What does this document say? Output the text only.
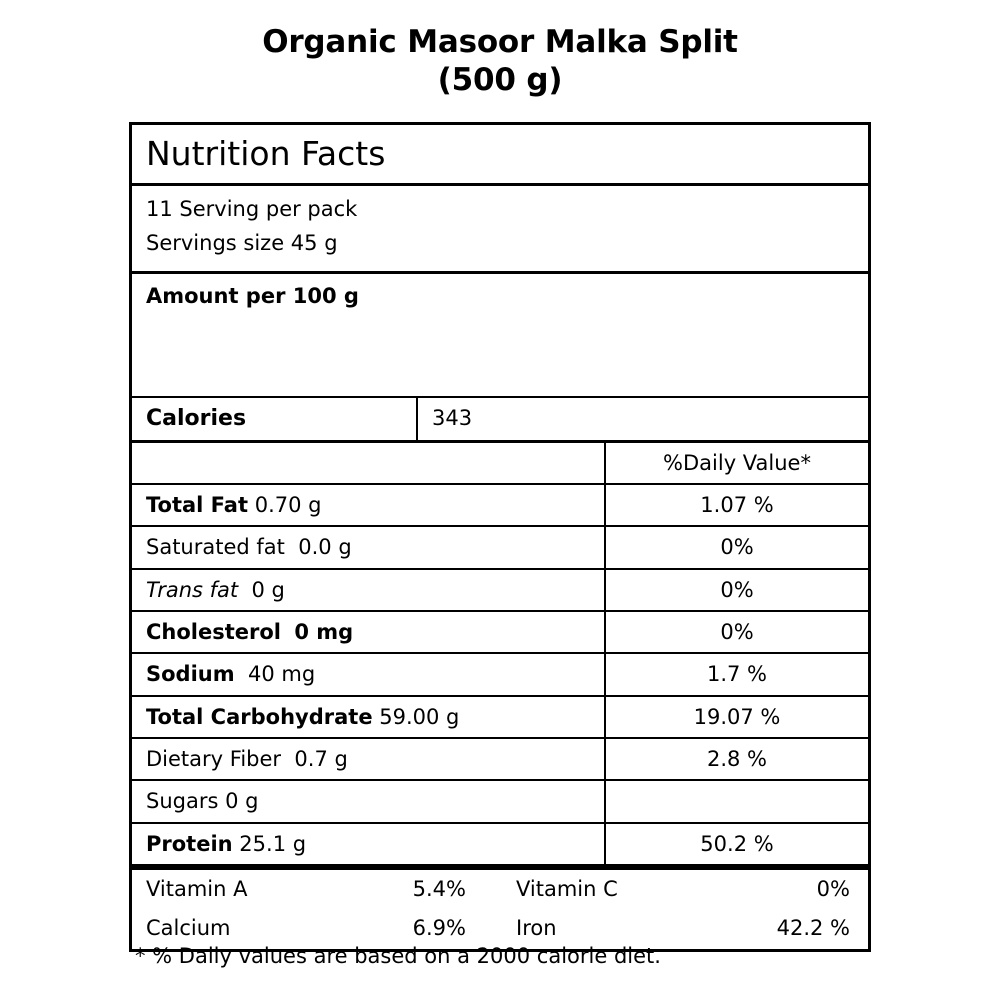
Organic Masoor Malka Split
(500 g)
Nutrition Facts
11 Serving per pack
Servings size 45 g
Amount per 100 g
Calories	343

%Daily Value*
Total Fat 0.70 g	1.07 %
Saturated fat 0.0 g	0%
Trans fat 0 g	0%
Cholesterol 0 mg	0%
Sodium 40 mg	1.7 %
Total Carbohydrate 59.00 g	19.07 %
Dietary Fiber 0.7 g	2.8 %
Sugars 0 g
Protein 25.1 g	50.2 %
Vitamin A	5.4%	Vitamin C	0%
Calcium	6.9%	Iron	42.2 %
* % Daily values are based on a 2000 calorie diet.
